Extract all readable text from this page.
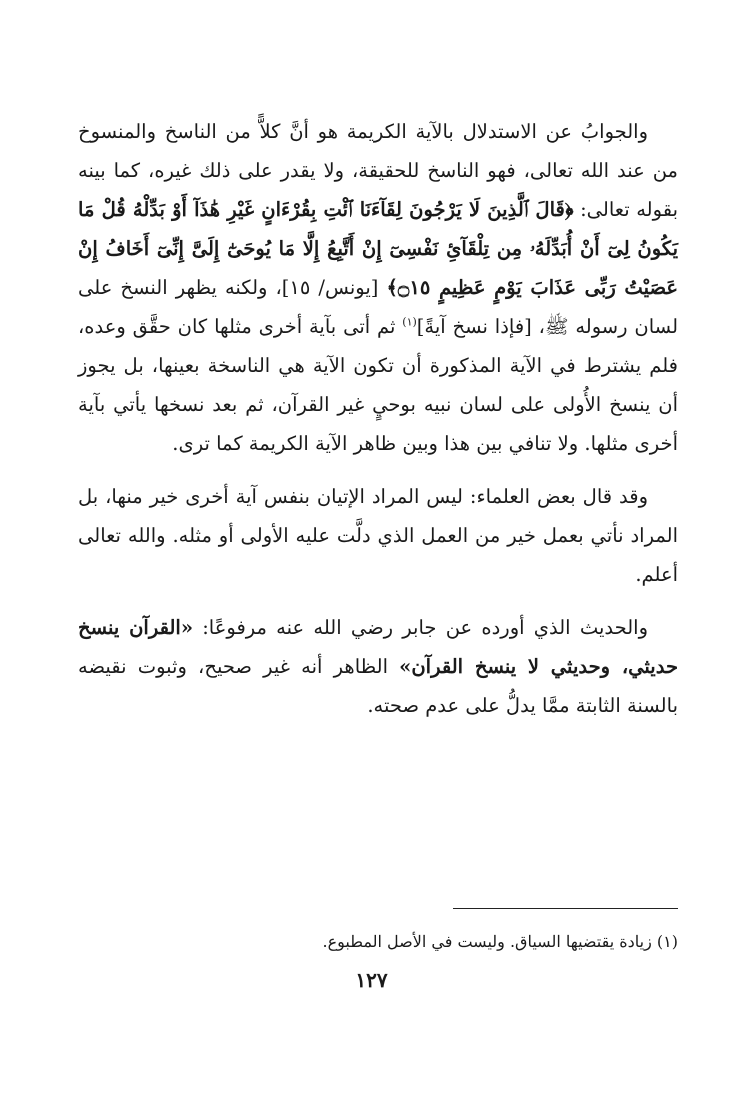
والجوابُ عن الاستدلال بالآية الكريمة هو أنَّ كلاًّ من الناسخ والمنسوخ من عند الله تعالى، فهو الناسخ للحقيقة، ولا يقدر على ذلك غيره، كما بينه بقوله تعالى: ﴿قَالَ ٱلَّذِينَ لَا يَرْجُونَ لِقَآءَنَا ٱئْتِ بِقُرْءَانٍ غَيْرِ هَٰذَآ أَوْ بَدِّلْهُ قُلْ مَا يَكُونُ لِىٓ أَنْ أُبَدِّلَهُۥ مِن تِلْقَآئِ نَفْسِىٓ إِنْ أَتَّبِعُ إِلَّا مَا يُوحَىٰٓ إِلَىَّ إِنِّىٓ أَخَافُ إِنْ عَصَيْتُ رَبِّى عَذَابَ يَوْمٍ عَظِيمٍ ۝١٥﴾ [يونس/ ١٥]، ولكنه يظهر النسخ على لسان رسوله ﷺ، [فإذا نسخ آيةً]$^{(١)}$ ثم أتى بآية أخرى مثلها كان حقَّق وعده، فلم يشترط في الآية المذكورة أن تكون الآية هي الناسخة بعينها، بل يجوز أن ينسخ الأُولى على لسان نبيه بوحيٍ غير القرآن، ثم بعد نسخها يأتي بآية أخرى مثلها. ولا تنافي بين هذا وبين ظاهر الآية الكريمة كما ترى.

وقد قال بعض العلماء: ليس المراد الإتيان بنفس آية أخرى خير منها، بل المراد نأتي بعمل خير من العمل الذي دلَّت عليه الأولى أو مثله. والله تعالى أعلم.

والحديث الذي أورده عن جابر رضي الله عنه مرفوعًا: «القرآن ينسخ حديثي، وحديثي لا ينسخ القرآن» الظاهر أنه غير صحيح، وثبوت نقيضه بالسنة الثابتة ممَّا يدلُّ على عدم صحته.

(١) زيادة يقتضيها السياق. وليست في الأصل المطبوع.
١٢٧
